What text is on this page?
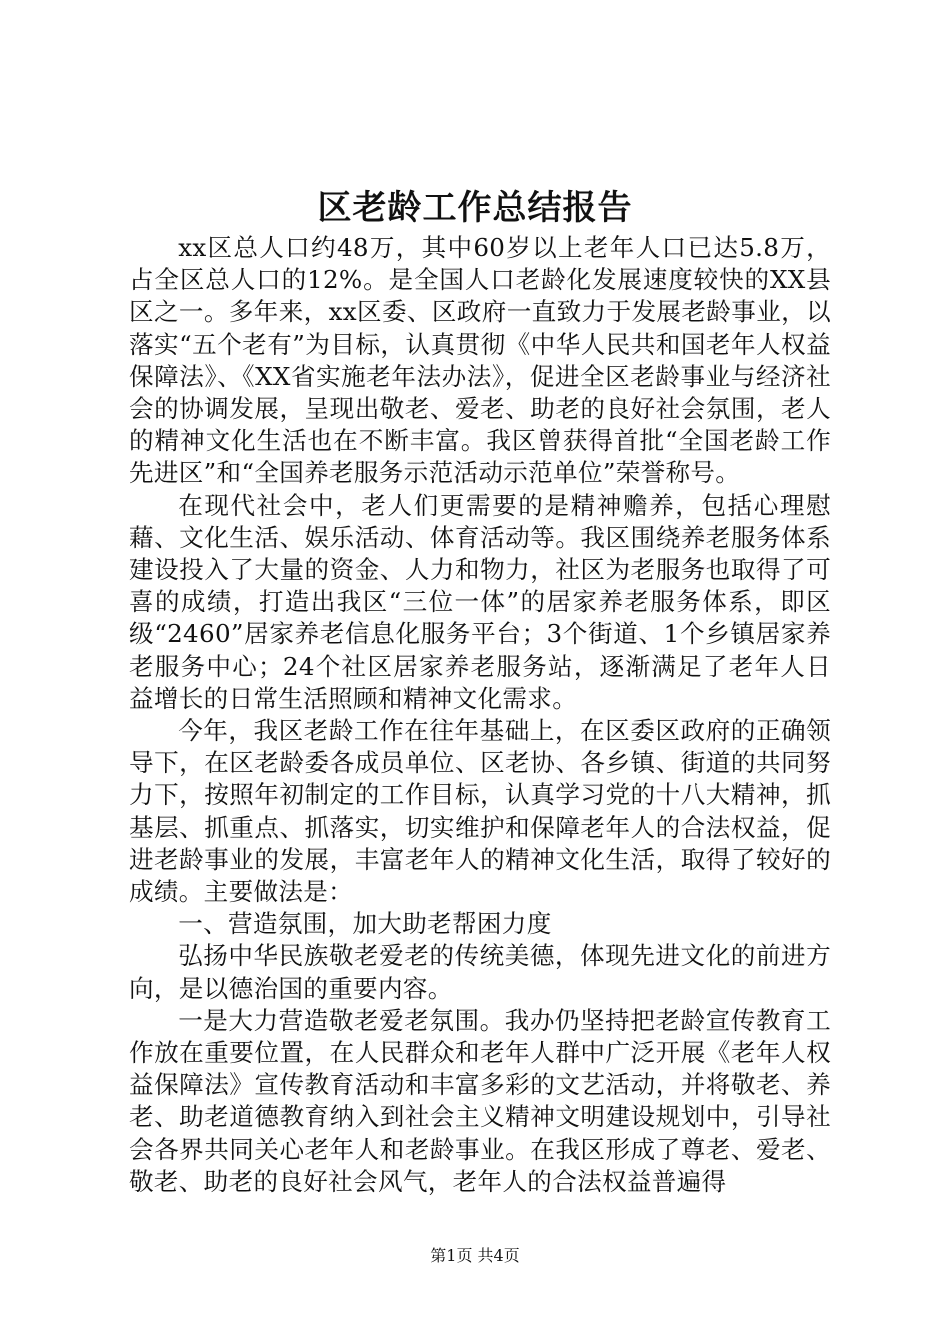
区老龄工作总结报告

xx区总人口约48万，其中60岁以上老年人口已达5.8万，占全区总人口的12%。是全国人口老龄化发展速度较快的XX县区之一。多年来，xx区委、区政府一直致力于发展老龄事业，以落实“五个老有”为目标，认真贯彻《中华人民共和国老年人权益保障法》、《XX省实施老年法办法》，促进全区老龄事业与经济社会的协调发展，呈现出敬老、爱老、助老的良好社会氛围，老人的精神文化生活也在不断丰富。我区曾获得首批“全国老龄工作先进区”和“全国养老服务示范活动示范单位”荣誉称号。

在现代社会中，老人们更需要的是精神赡养，包括心理慰藉、文化生活、娱乐活动、体育活动等。我区围绕养老服务体系建设投入了大量的资金、人力和物力，社区为老服务也取得了可喜的成绩，打造出我区“三位一体”的居家养老服务体系，即区级“2460”居家养老信息化服务平台；3个街道、1个乡镇居家养老服务中心；24个社区居家养老服务站，逐渐满足了老年人日益增长的日常生活照顾和精神文化需求。

今年，我区老龄工作在往年基础上，在区委区政府的正确领导下，在区老龄委各成员单位、区老协、各乡镇、街道的共同努力下，按照年初制定的工作目标，认真学习党的十八大精神，抓基层、抓重点、抓落实，切实维护和保障老年人的合法权益，促进老龄事业的发展，丰富老年人的精神文化生活，取得了较好的成绩。主要做法是：

一、营造氛围，加大助老帮困力度

弘扬中华民族敬老爱老的传统美德，体现先进文化的前进方向，是以德治国的重要内容。

一是大力营造敬老爱老氛围。我办仍坚持把老龄宣传教育工作放在重要位置，在人民群众和老年人群中广泛开展《老年人权益保障法》宣传教育活动和丰富多彩的文艺活动，并将敬老、养老、助老道德教育纳入到社会主义精神文明建设规划中，引导社会各界共同关心老年人和老龄事业。在我区形成了尊老、爱老、敬老、助老的良好社会风气，老年人的合法权益普遍得

第1页 共4页
